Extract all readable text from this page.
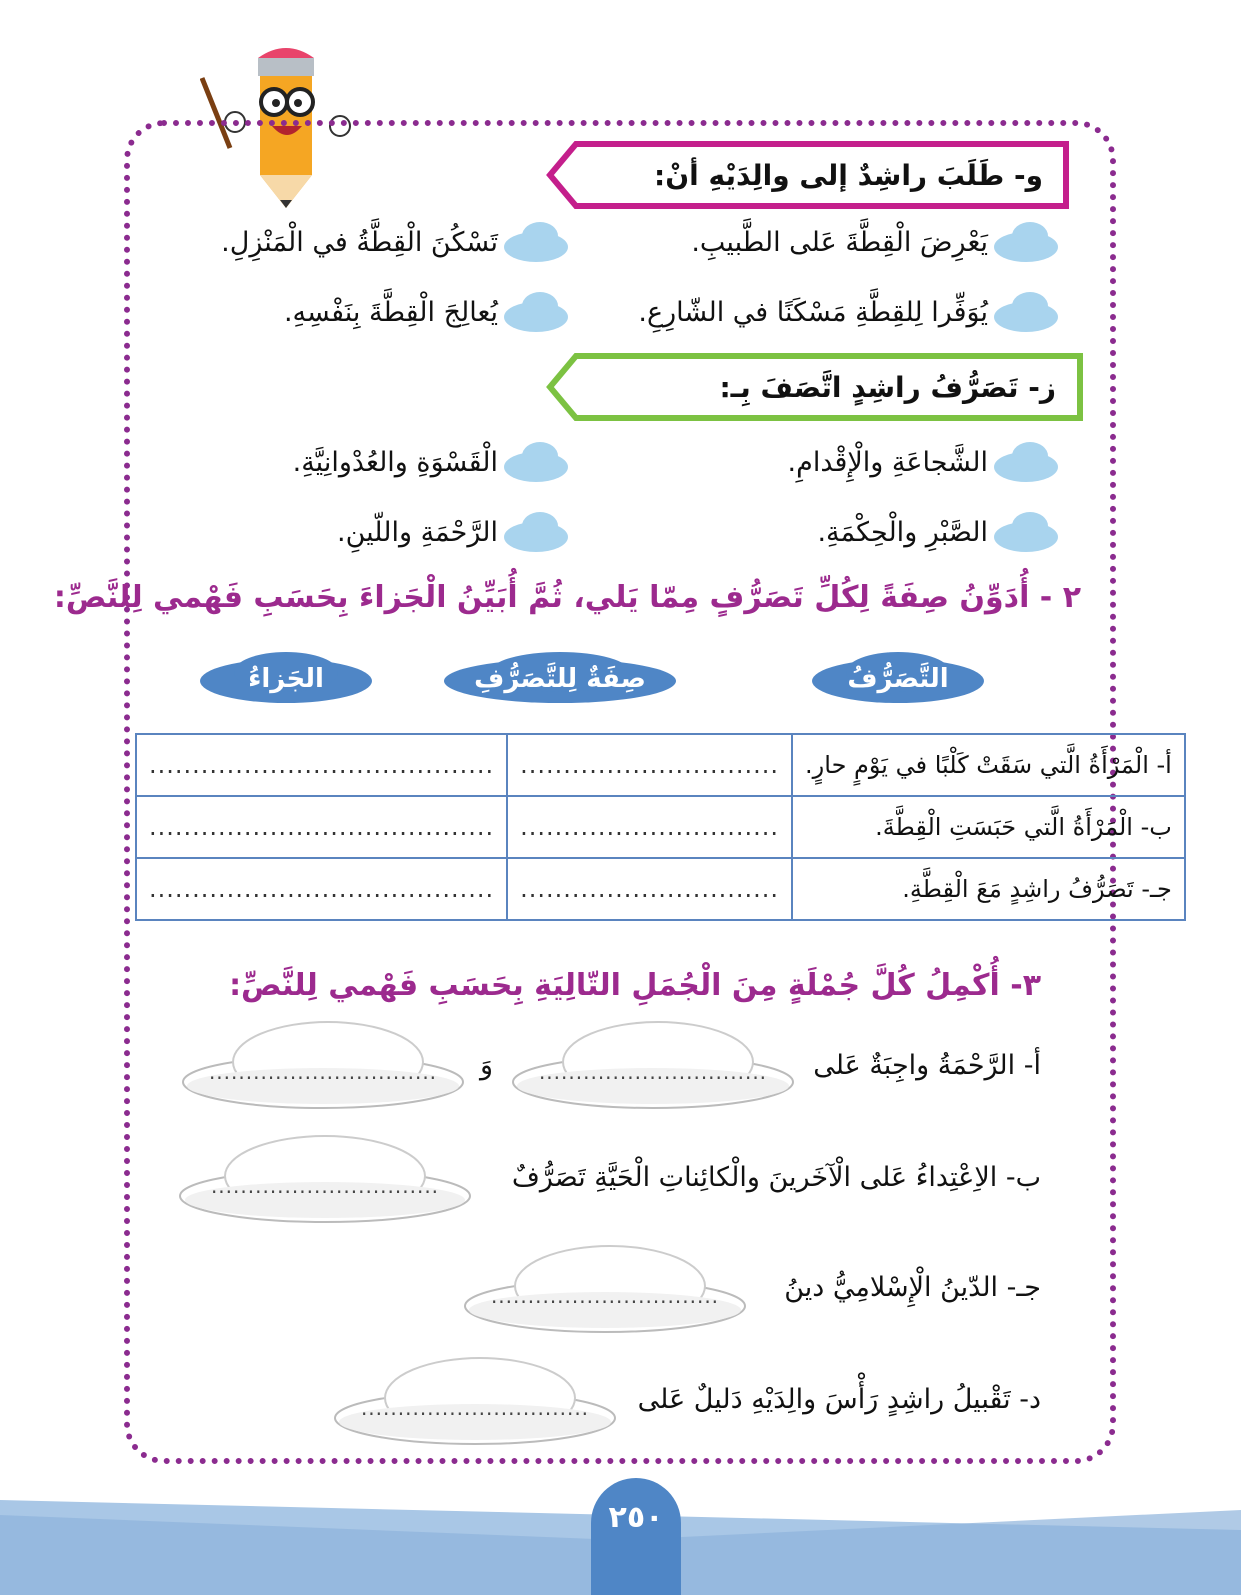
و- طَلَبَ راشِدٌ إلى والِدَيْهِ أنْ:
يَعْرِضَ الْقِطَّةَ عَلى الطَّبيبِ.
تَسْكُنَ الْقِطَّةُ في الْمَنْزِلِ.
يُوَفِّرا لِلقِطَّةِ مَسْكَنًا في الشّارِعِ.
يُعالِجَ الْقِطَّةَ بِنَفْسِهِ.
ز- تَصَرُّفُ راشِدٍ اتَّصَفَ بِـ:
الشَّجاعَةِ والْإِقْدامِ.
الْقَسْوَةِ والعُدْوانِيَّةِ.
الصَّبْرِ والْحِكْمَةِ.
الرَّحْمَةِ واللّينِ.
٢ - أُدَوِّنُ صِفَةً لِكُلِّ تَصَرُّفٍ مِمّا يَلي، ثُمَّ أُبَيِّنُ الْجَزاءَ بِحَسَبِ فَهْمي لِلنَّصِّ:
التَّصَرُّفُ
صِفَةٌ لِلتَّصَرُّفِ
الجَزاءُ
أ- الْمَرْأَةُ الَّتي سَقَتْ كَلْبًا في يَوْمٍ حارٍ.	..............................	........................................
ب- الْمَرْأَةُ الَّتي حَبَسَتِ الْقِطَّةَ.	..............................	........................................
جـ- تَصَرُّفُ راشِدٍ مَعَ الْقِطَّةِ.	..............................	........................................
٣- أُكْمِلُ كُلَّ جُمْلَةٍ مِنَ الْجُمَلِ التّالِيَةِ بِحَسَبِ فَهْمي لِلنَّصِّ:
أ- الرَّحْمَةُ واجِبَةٌ عَلى
...............................
وَ
...............................
ب- الاِعْتِداءُ عَلى الْآخَرينَ والْكائِناتِ الْحَيَّةِ تَصَرُّفٌ
...............................
جـ- الدّينُ الْإِسْلامِيُّ دينُ
...............................
د- تَقْبيلُ راشِدٍ رَأْسَ والِدَيْهِ دَليلٌ عَلى
...............................
٢٥٠
